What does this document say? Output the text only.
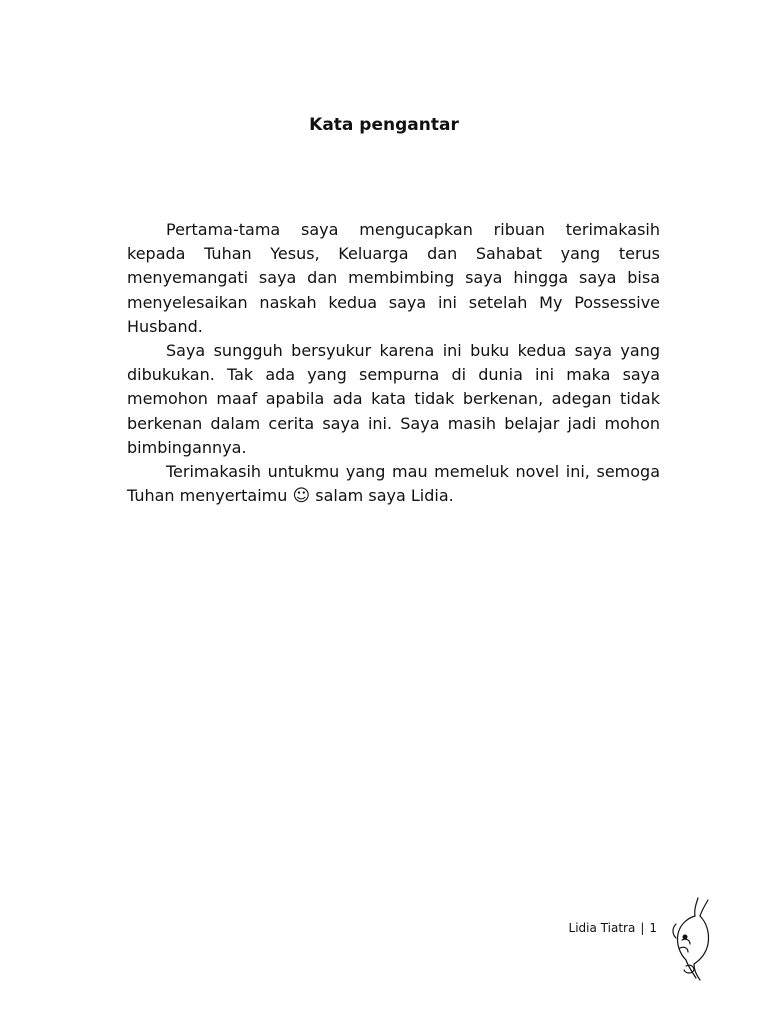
Kata pengantar

Pertama-tama saya mengucapkan ribuan terimakasih kepada Tuhan Yesus, Keluarga dan Sahabat yang terus menyemangati saya dan membimbing saya hingga saya bisa menyelesaikan naskah kedua saya ini setelah My Possessive Husband.

Saya sungguh bersyukur karena ini buku kedua saya yang dibukukan. Tak ada yang sempurna di dunia ini maka saya memohon maaf apabila ada kata tidak berkenan, adegan tidak berkenan dalam cerita saya ini. Saya masih belajar jadi mohon bimbingannya.

Terimakasih untukmu yang mau memeluk novel ini, semoga Tuhan menyertaimu ☺ salam saya Lidia.

Lidia Tiatra | 1
